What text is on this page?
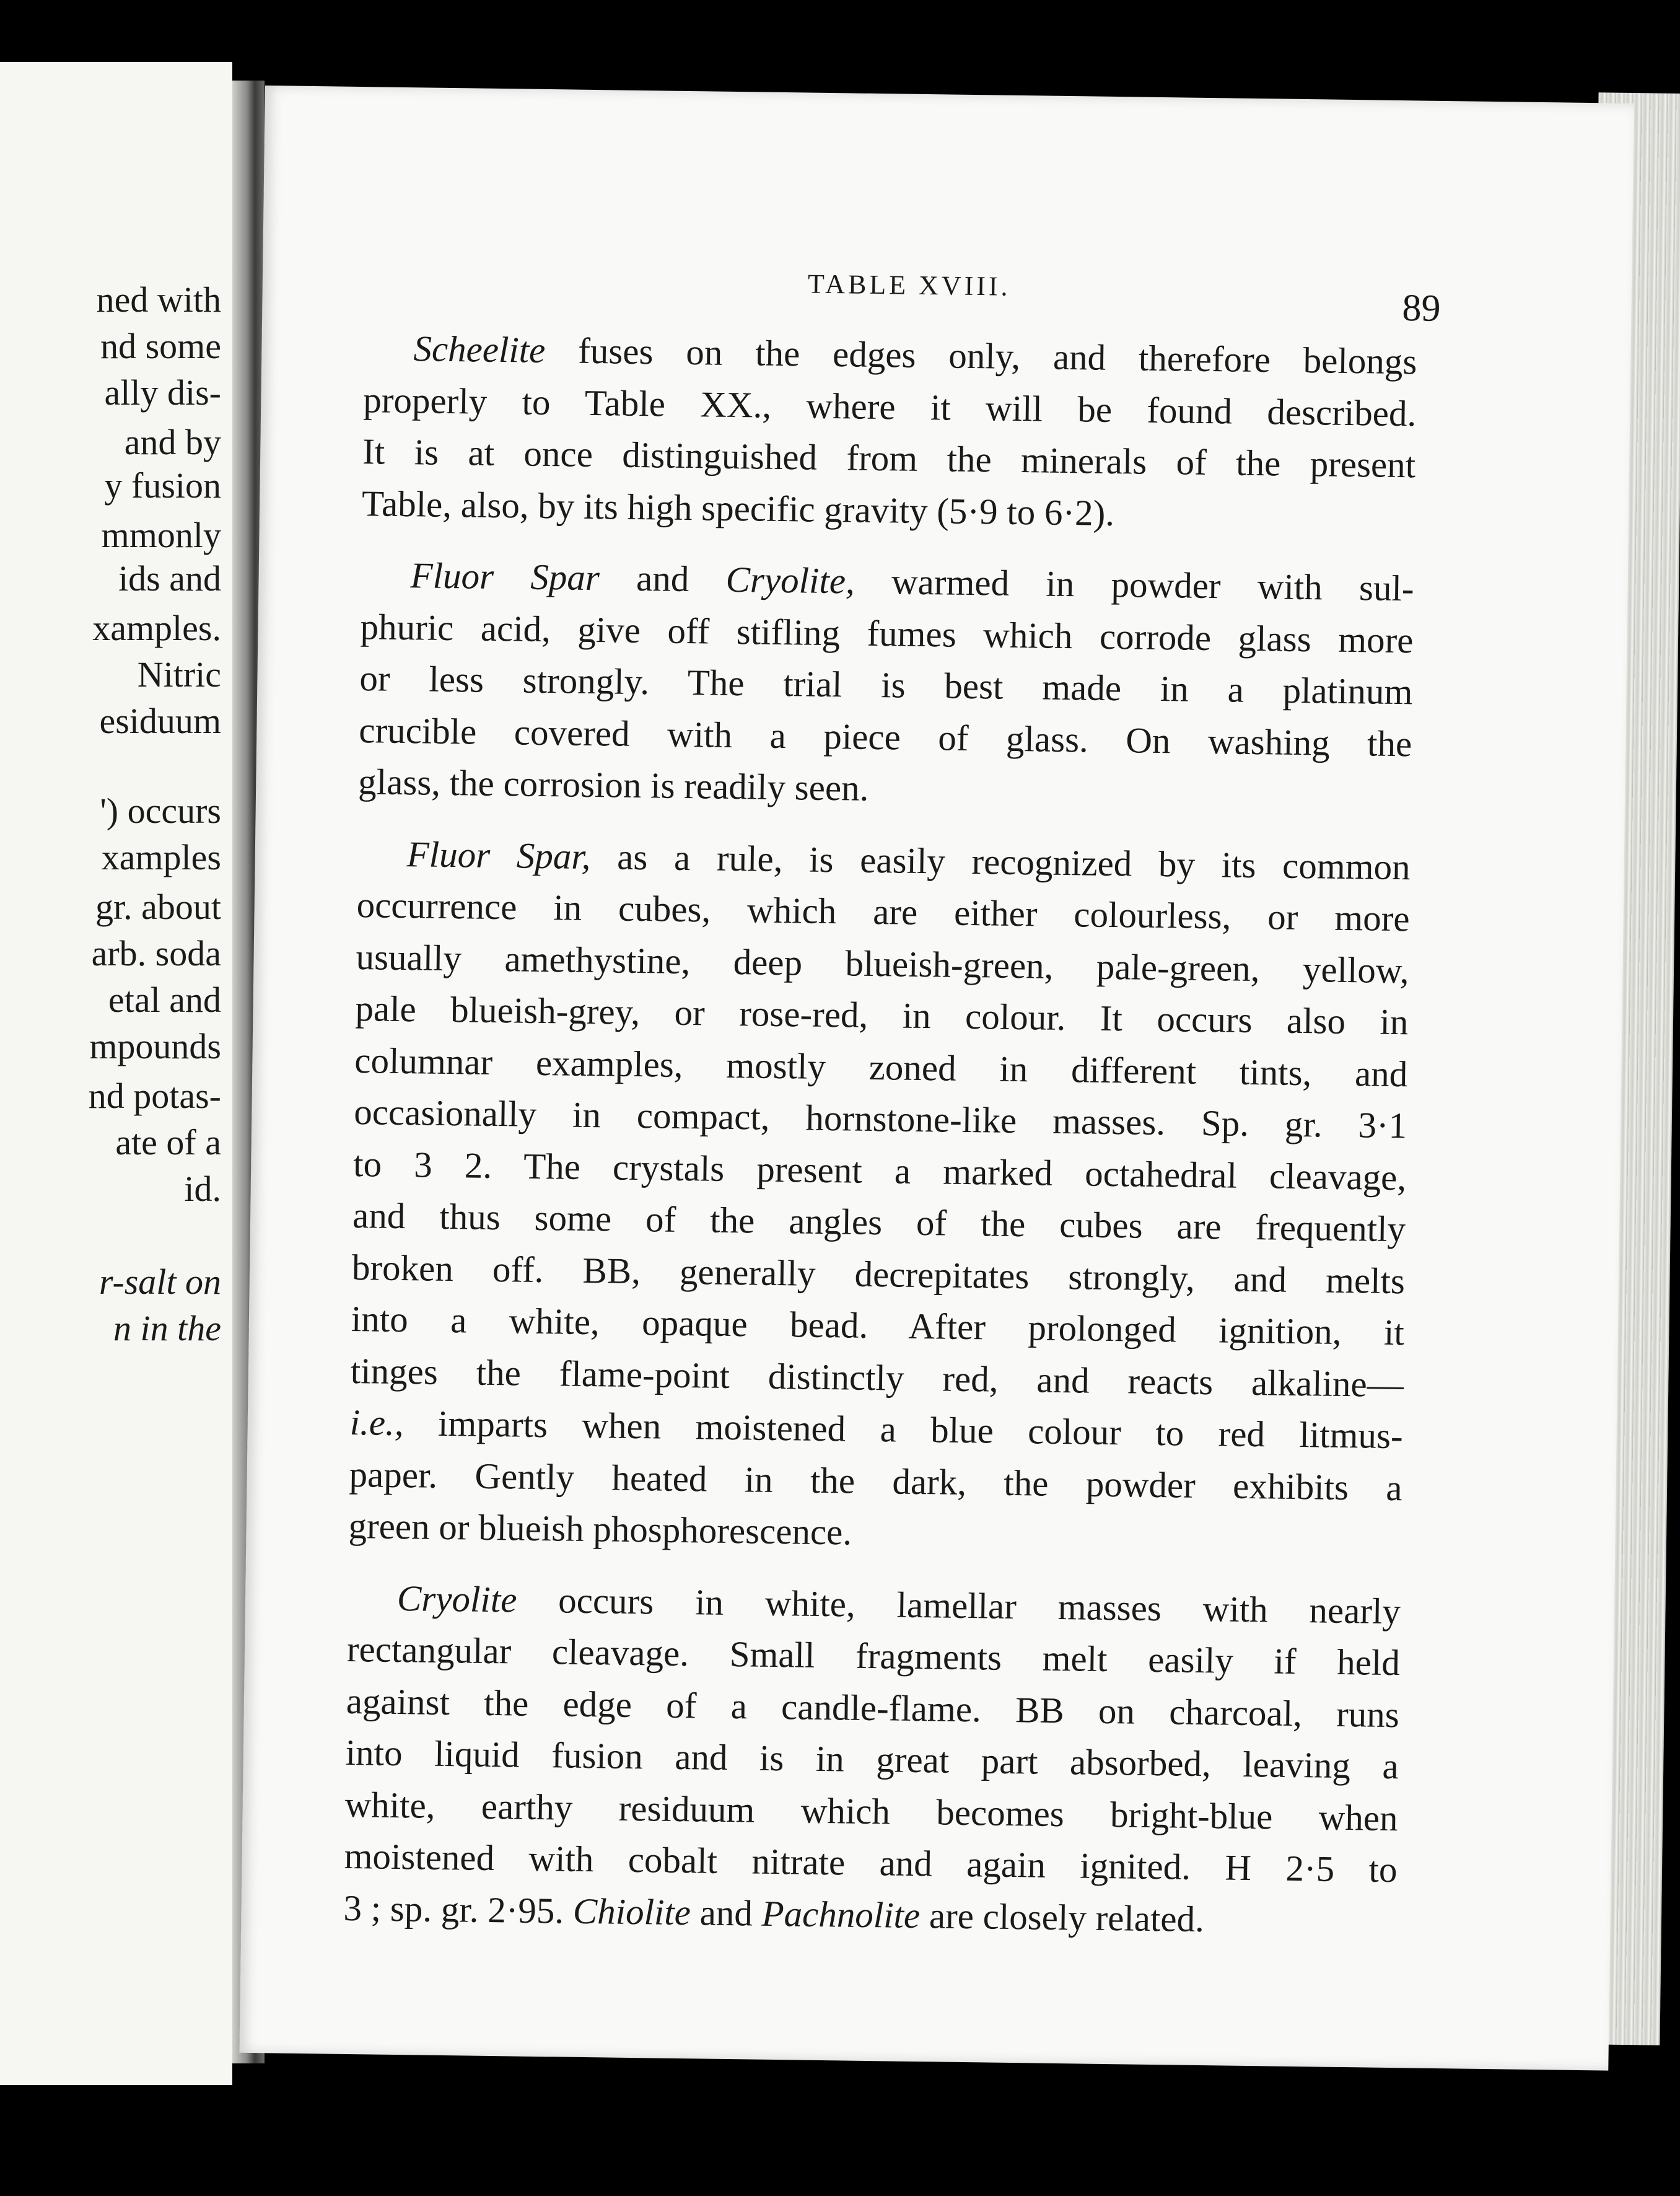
ned with
nd some
ally dis-
and by
y fusion
mmonly
ids and
xamples.
Nitric
esiduum
') occurs
xamples
gr. about
arb. soda
etal and
mpounds
nd potas-
ate of a
id.
r-salt on
n in the
TABLE XVIII.
89
Scheelite fuses on the edges only, and therefore belongs
properly to Table XX., where it will be found described.
It is at once distinguished from the minerals of the present
Table, also, by its high specific gravity (5·9 to 6·2).
Fluor Spar and Cryolite, warmed in powder with sul-
phuric acid, give off stifling fumes which corrode glass more
or less strongly. The trial is best made in a platinum
crucible covered with a piece of glass. On washing the
glass, the corrosion is readily seen.
Fluor Spar, as a rule, is easily recognized by its common
occurrence in cubes, which are either colourless, or more
usually amethystine, deep blueish-green, pale-green, yellow,
pale blueish-grey, or rose-red, in colour. It occurs also in
columnar examples, mostly zoned in different tints, and
occasionally in compact, hornstone-like masses. Sp. gr. 3·1
to 3 2. The crystals present a marked octahedral cleavage,
and thus some of the angles of the cubes are frequently
broken off. BB, generally decrepitates strongly, and melts
into a white, opaque bead. After prolonged ignition, it
tinges the flame-point distinctly red, and reacts alkaline—
i.e., imparts when moistened a blue colour to red litmus-
paper. Gently heated in the dark, the powder exhibits a
green or blueish phosphorescence.
Cryolite occurs in white, lamellar masses with nearly
rectangular cleavage. Small fragments melt easily if held
against the edge of a candle-flame. BB on charcoal, runs
into liquid fusion and is in great part absorbed, leaving a
white, earthy residuum which becomes bright-blue when
moistened with cobalt nitrate and again ignited. H 2·5 to
3 ; sp. gr. 2·95. Chiolite and Pachnolite are closely related.
